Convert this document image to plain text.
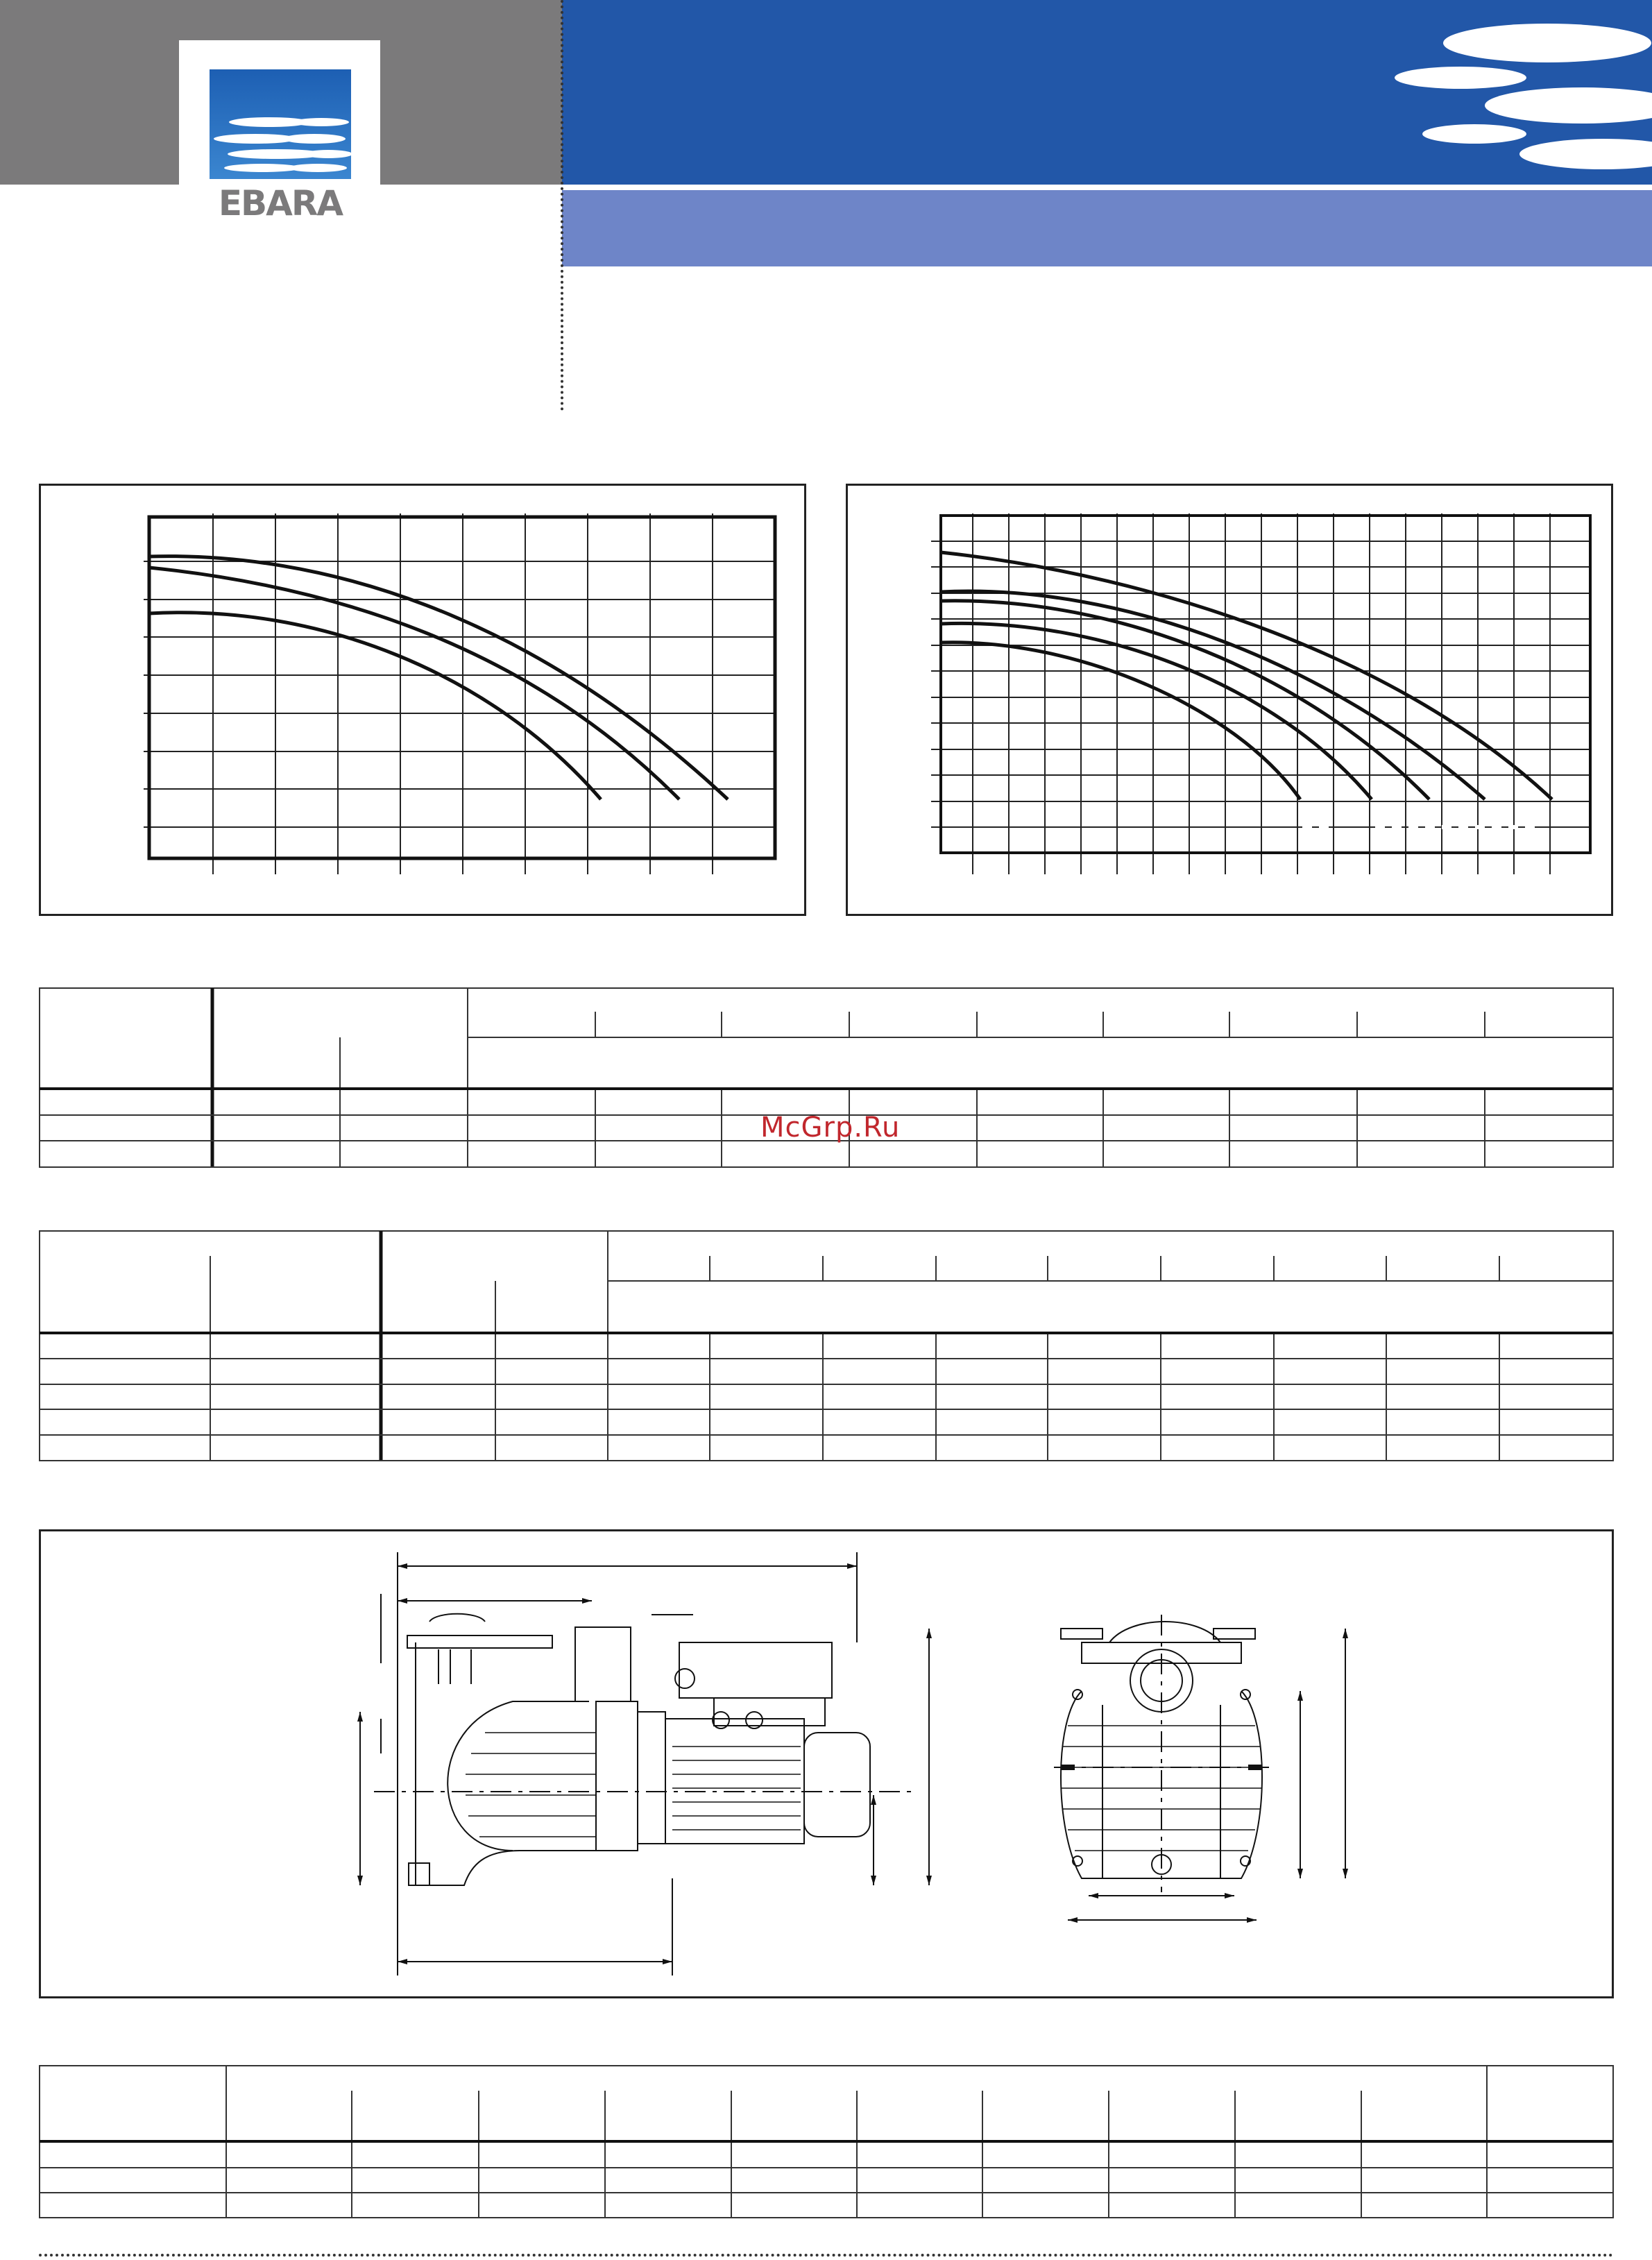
EBARA
McGrp.Ru
